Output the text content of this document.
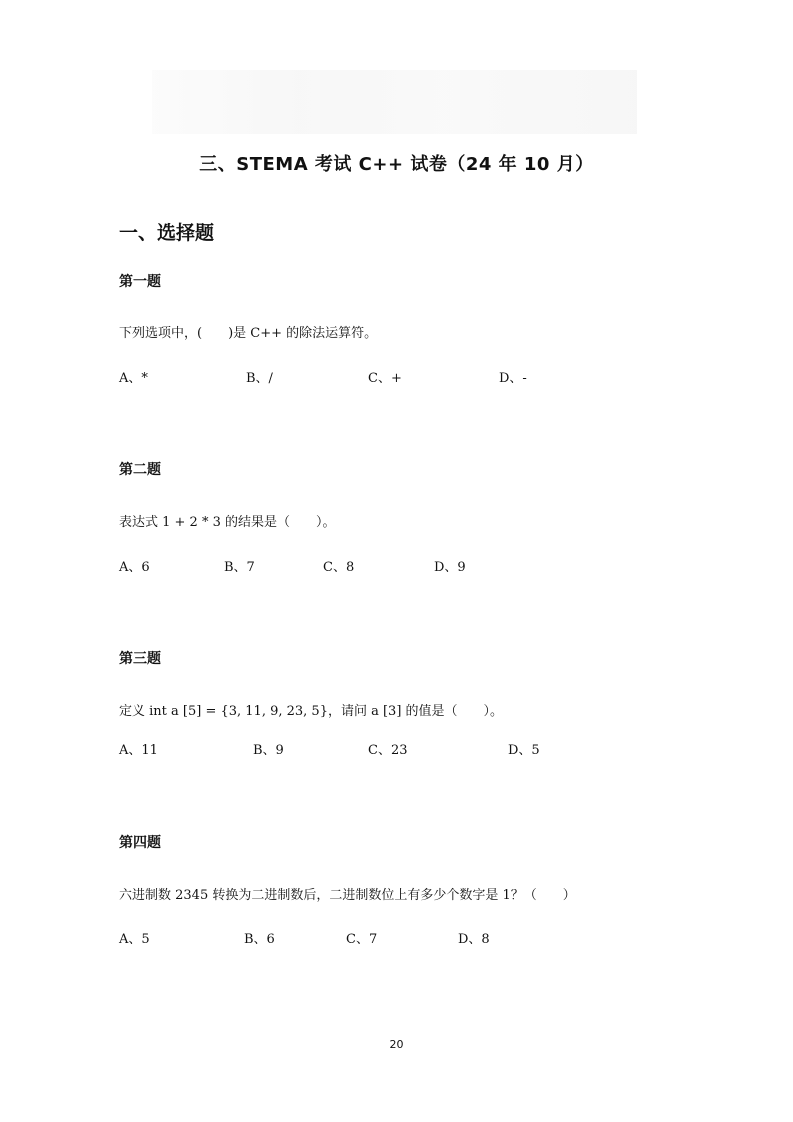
三、STEMA 考试 C++ 试卷（24 年 10 月）
一、选择题
第一题
下列选项中，(　　)是 C++ 的除法运算符。
A、*	B、/	C、+	D、-
第二题
表达式 1 + 2 * 3 的结果是（　　）。
A、6	B、7	C、8	D、9
第三题
定义 int a [5] = {3, 11, 9, 23, 5}，请问 a [3] 的值是（　　）。
A、11	B、9	C、23	D、5
第四题
六进制数 2345 转换为二进制数后，二进制数位上有多少个数字是 1？（　　）
A、5	B、6	C、7	D、8
20
